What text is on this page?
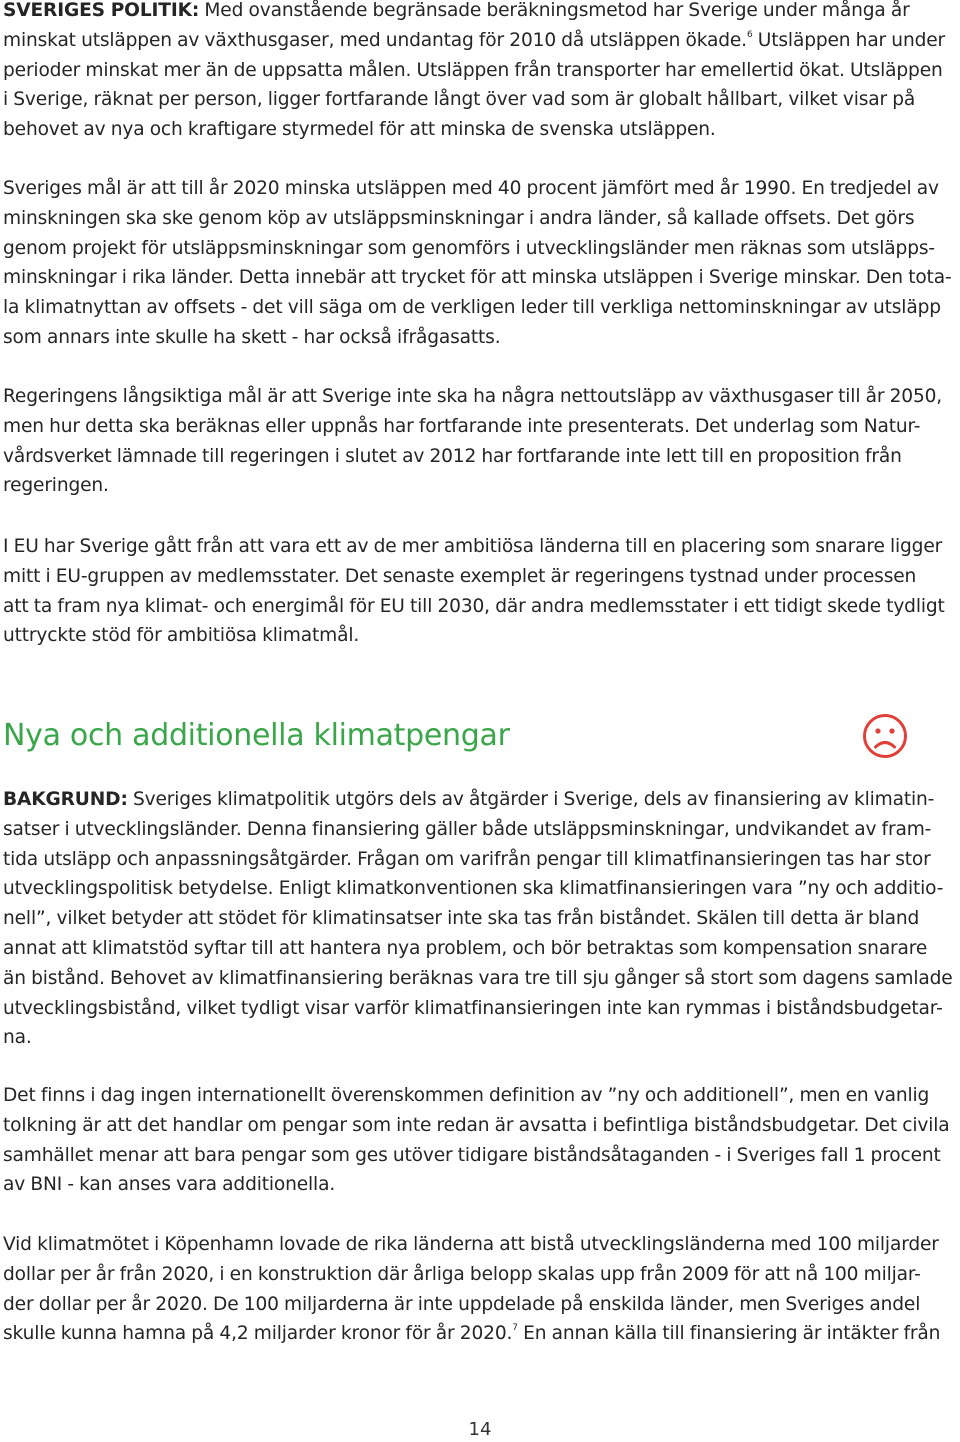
SVERIGES POLITIK: Med ovanstående begränsade beräkningsmetod har Sverige under många år
minskat utsläppen av växthusgaser, med undantag för 2010 då utsläppen ökade.$^6$ Utsläppen har under
perioder minskat mer än de uppsatta målen. Utsläppen från transporter har emellertid ökat. Utsläppen
i Sverige, räknat per person, ligger fortfarande långt över vad som är globalt hållbart, vilket visar på
behovet av nya och kraftigare styrmedel för att minska de svenska utsläppen.
Sveriges mål är att till år 2020 minska utsläppen med 40 procent jämfört med år 1990. En tredjedel av
minskningen ska ske genom köp av utsläppsminskningar i andra länder, så kallade offsets. Det görs
genom projekt för utsläppsminskningar som genomförs i utvecklingsländer men räknas som utsläpps-
minskningar i rika länder. Detta innebär att trycket för att minska utsläppen i Sverige minskar. Den tota-
la klimatnyttan av offsets - det vill säga om de verkligen leder till verkliga nettominskningar av utsläpp
som annars inte skulle ha skett - har också ifrågasatts.
Regeringens långsiktiga mål är att Sverige inte ska ha några nettoutsläpp av växthusgaser till år 2050,
men hur detta ska beräknas eller uppnås har fortfarande inte presenterats. Det underlag som Natur-
vårdsverket lämnade till regeringen i slutet av 2012 har fortfarande inte lett till en proposition från
regeringen.
I EU har Sverige gått från att vara ett av de mer ambitiösa länderna till en placering som snarare ligger
mitt i EU-gruppen av medlemsstater. Det senaste exemplet är regeringens tystnad under processen
att ta fram nya klimat- och energimål för EU till 2030, där andra medlemsstater i ett tidigt skede tydligt
uttryckte stöd för ambitiösa klimatmål.
Nya och additionella klimatpengar
BAKGRUND: Sveriges klimatpolitik utgörs dels av åtgärder i Sverige, dels av finansiering av klimatin-
satser i utvecklingsländer. Denna finansiering gäller både utsläppsminskningar, undvikandet av fram-
tida utsläpp och anpassningsåtgärder. Frågan om varifrån pengar till klimatfinansieringen tas har stor
utvecklingspolitisk betydelse. Enligt klimatkonventionen ska klimatfinansieringen vara ”ny och additio-
nell”, vilket betyder att stödet för klimatinsatser inte ska tas från biståndet. Skälen till detta är bland
annat att klimatstöd syftar till att hantera nya problem, och bör betraktas som kompensation snarare
än bistånd. Behovet av klimatfinansiering beräknas vara tre till sju gånger så stort som dagens samlade
utvecklingsbistånd, vilket tydligt visar varför klimatfinansieringen inte kan rymmas i biståndsbudgetar-
na.
Det finns i dag ingen internationellt överenskommen definition av ”ny och additionell”, men en vanlig
tolkning är att det handlar om pengar som inte redan är avsatta i befintliga biståndsbudgetar. Det civila
samhället menar att bara pengar som ges utöver tidigare biståndsåtaganden - i Sveriges fall 1 procent
av BNI - kan anses vara additionella.
Vid klimatmötet i Köpenhamn lovade de rika länderna att bistå utvecklingsländerna med 100 miljarder
dollar per år från 2020, i en konstruktion där årliga belopp skalas upp från 2009 för att nå 100 miljar-
der dollar per år 2020. De 100 miljarderna är inte uppdelade på enskilda länder, men Sveriges andel
skulle kunna hamna på 4,2 miljarder kronor för år 2020.$^7$ En annan källa till finansiering är intäkter från
14
